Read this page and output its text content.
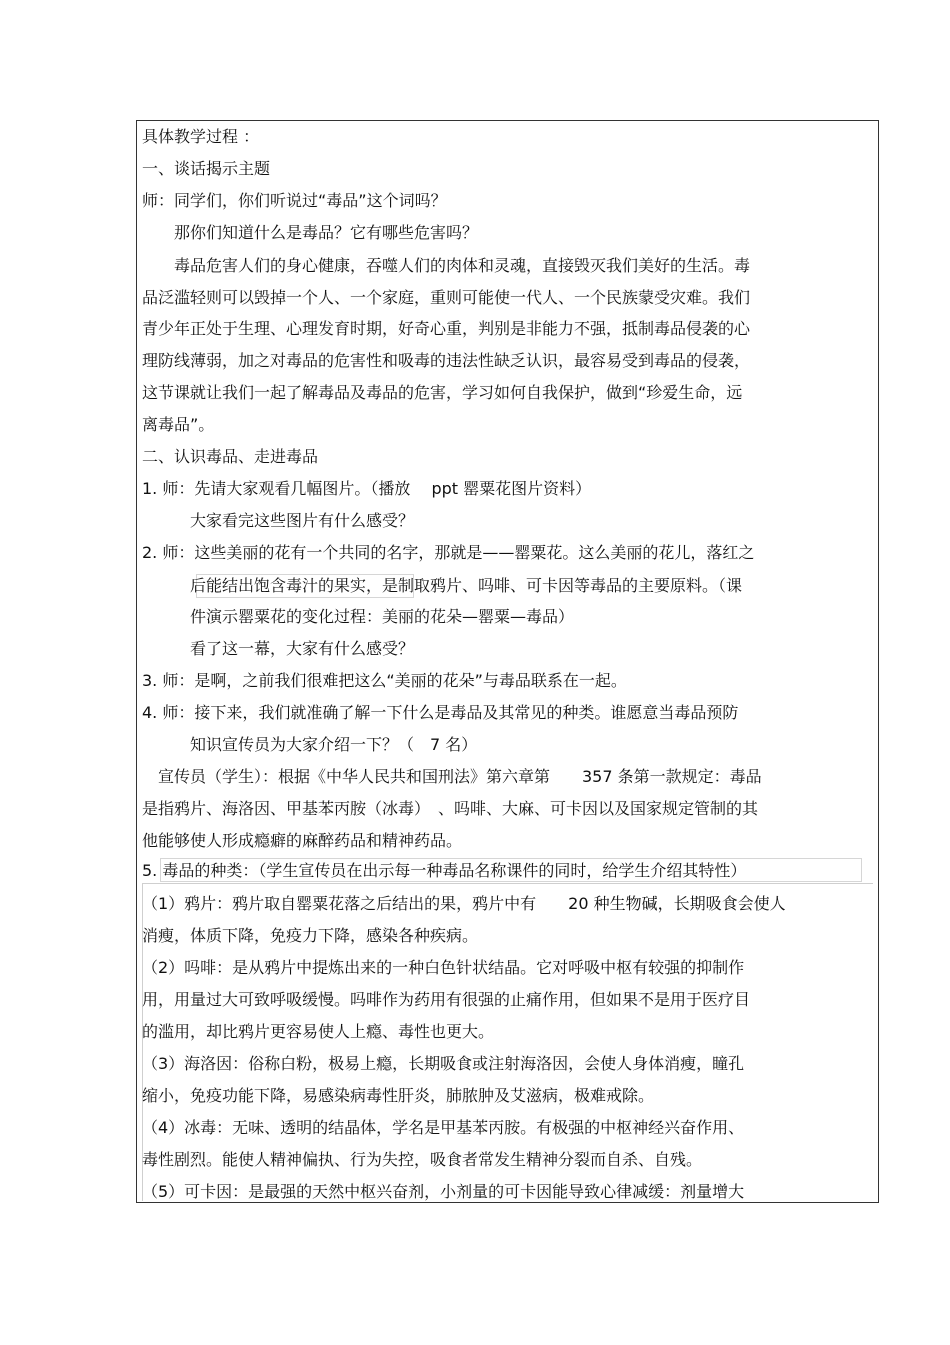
具体教学过程 ：
一、谈话揭示主题
师：同学们，你们听说过“毒品”这个词吗？
　　那你们知道什么是毒品？它有哪些危害吗？
　　毒品危害人们的身心健康，吞噬人们的肉体和灵魂，直接毁灭我们美好的生活。毒
品泛滥轻则可以毁掉一个人、一个家庭，重则可能使一代人、一个民族蒙受灾难。我们
青少年正处于生理、心理发育时期，好奇心重，判别是非能力不强，抵制毒品侵袭的心
理防线薄弱，加之对毒品的危害性和吸毒的违法性缺乏认识，最容易受到毒品的侵袭，
这节课就让我们一起了解毒品及毒品的危害，学习如何自我保护，做到“珍爱生命，远
离毒品”。
二、认识毒品、走进毒品
1. 师：先请大家观看几幅图片。（播放　 ppt 罂粟花图片资料）
　　　大家看完这些图片有什么感受？
2. 师：这些美丽的花有一个共同的名字，那就是——罂粟花。这么美丽的花儿，落红之
　　　后能结出饱含毒汁的果实，是制取鸦片、吗啡、可卡因等毒品的主要原料。（课
　　　件演示罂粟花的变化过程：美丽的花朵—罂粟—毒品）
　　　看了这一幕，大家有什么感受？
3. 师：是啊，之前我们很难把这么“美丽的花朵”与毒品联系在一起。
4. 师：接下来，我们就准确了解一下什么是毒品及其常见的种类。谁愿意当毒品预防
　　　知识宣传员为大家介绍一下？（　7 名）
　宣传员（学生）：根据《中华人民共和国刑法》第六章第　　357 条第一款规定：毒品
是指鸦片、海洛因、甲基苯丙胺（冰毒）　、吗啡、大麻、可卡因以及国家规定管制的其
他能够使人形成瘾癖的麻醉药品和精神药品。
5. 毒品的种类：（学生宣传员在出示每一种毒品名称课件的同时，给学生介绍其特性）
（1）鸦片：鸦片取自罂粟花落之后结出的果，鸦片中有　　20 种生物碱，长期吸食会使人
消瘦，体质下降，免疫力下降，感染各种疾病。
（2）吗啡：是从鸦片中提炼出来的一种白色针状结晶。它对呼吸中枢有较强的抑制作
用，用量过大可致呼吸缓慢。吗啡作为药用有很强的止痛作用，但如果不是用于医疗目
的滥用，却比鸦片更容易使人上瘾、毒性也更大。
（3）海洛因：俗称白粉，极易上瘾，长期吸食或注射海洛因，会使人身体消瘦，瞳孔
缩小，免疫功能下降，易感染病毒性肝炎，肺脓肿及艾滋病，极难戒除。
（4）冰毒：无味、透明的结晶体，学名是甲基苯丙胺。有极强的中枢神经兴奋作用、
毒性剧烈。能使人精神偏执、行为失控，吸食者常发生精神分裂而自杀、自残。
（5）可卡因：是最强的天然中枢兴奋剂，小剂量的可卡因能导致心律减缓：剂量增大
